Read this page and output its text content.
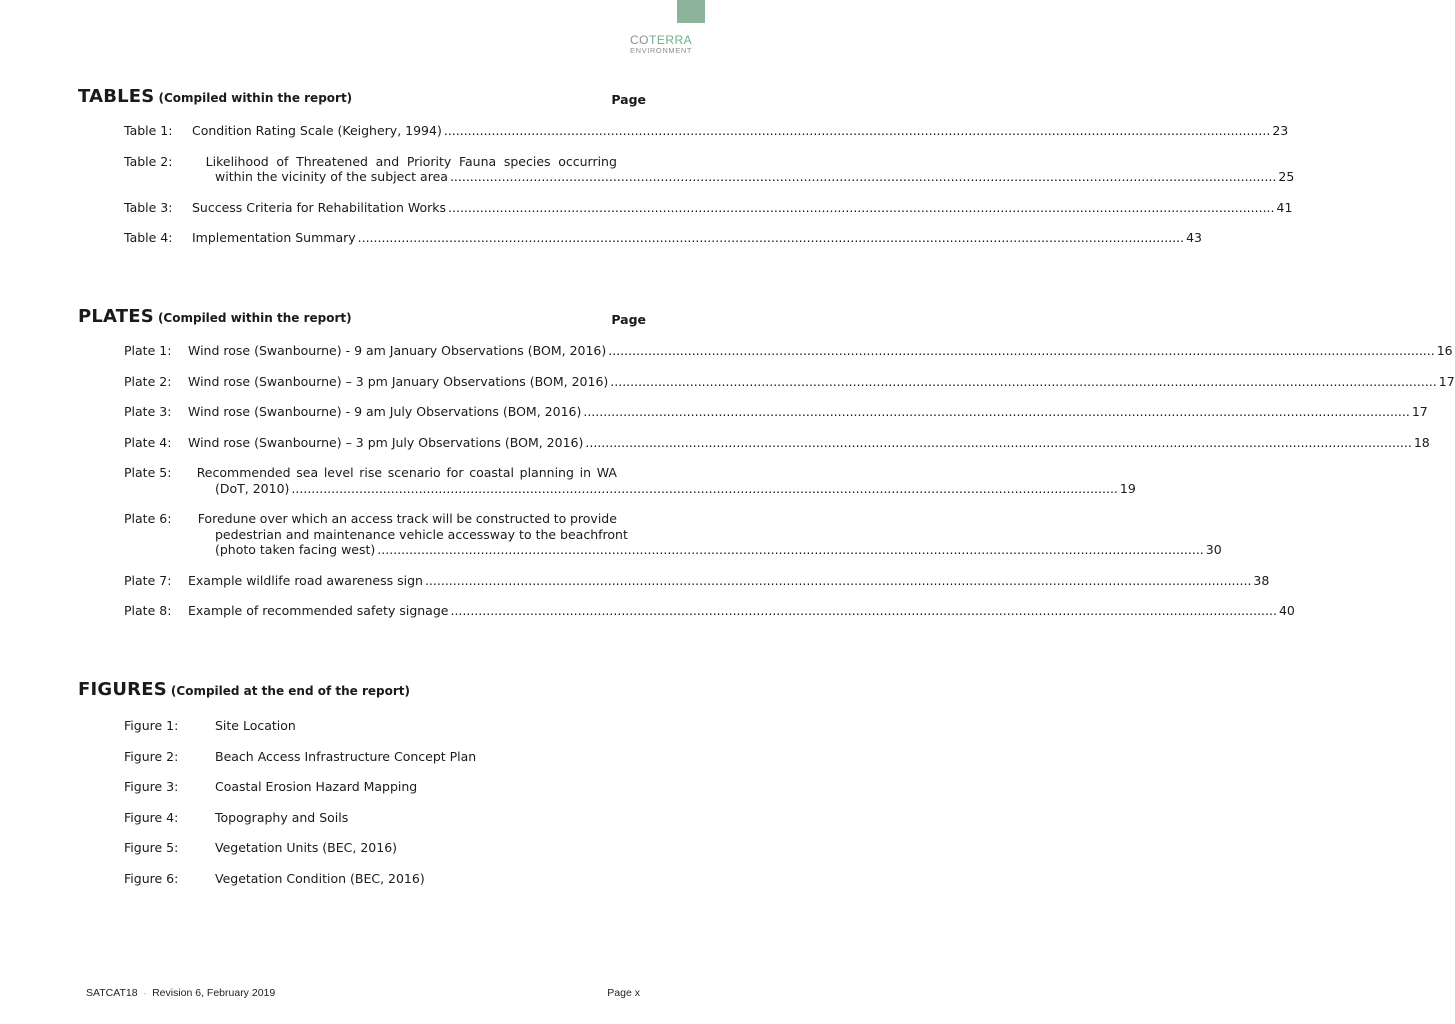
COTERRA
ENVIRONMENT
TABLES (Compiled within the report)	Page
Table 1:	Condition Rating Scale (Keighery, 1994) .....	23
Table 2:	Likelihood of Threatened and Priority Fauna species occurring
within the vicinity of the subject area .....	25
Table 3:	Success Criteria for Rehabilitation Works .....	41
Table 4:	Implementation Summary .....	43
PLATES (Compiled within the report)	Page
Plate 1:	Wind rose (Swanbourne) - 9 am January Observations (BOM, 2016) .....	16
Plate 2:	Wind rose (Swanbourne) – 3 pm January Observations (BOM, 2016) .....	17
Plate 3:	Wind rose (Swanbourne) - 9 am July Observations (BOM, 2016) .....	17
Plate 4:	Wind rose (Swanbourne) – 3 pm July Observations (BOM, 2016) .....	18
Plate 5:	Recommended sea level rise scenario for coastal planning in WA
(DoT, 2010) .....	19
Plate 6:	Foredune over which an access track will be constructed to provide
pedestrian and maintenance vehicle accessway to the beachfront
(photo taken facing west) .....	30
Plate 7:	Example wildlife road awareness sign .....	38
Plate 8:	Example of recommended safety signage .....	40
FIGURES (Compiled at the end of the report)
Figure 1:	Site Location
Figure 2:	Beach Access Infrastructure Concept Plan
Figure 3:	Coastal Erosion Hazard Mapping
Figure 4:	Topography and Soils
Figure 5:	Vegetation Units (BEC, 2016)
Figure 6:	Vegetation Condition (BEC, 2016)
SATCAT18 - Revision 6, February 2019	Page x
